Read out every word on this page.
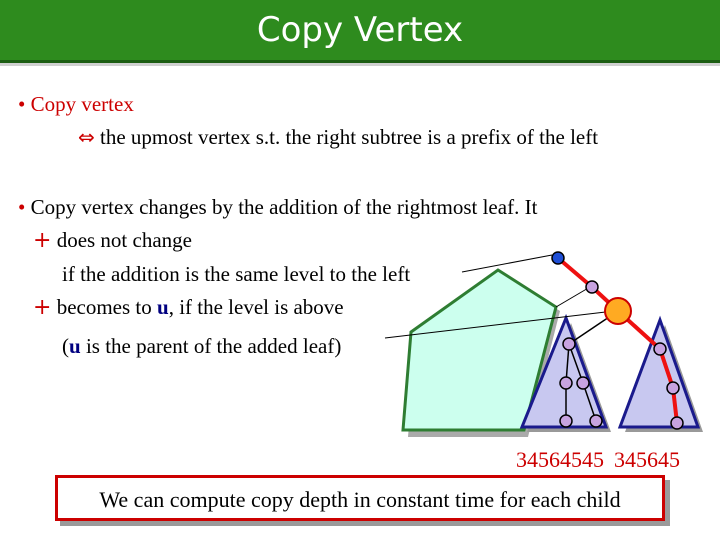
Copy Vertex
• Copy vertex
⇔ the upmost vertex s.t. the right subtree is a prefix of the left
• Copy vertex changes by the addition of the rightmost leaf. It
+ does not change
if the addition is the same level to the left
+ becomes to u, if the level is above
(u is the parent of the added leaf)
34564545 345645
We can compute copy depth in constant time for each child
